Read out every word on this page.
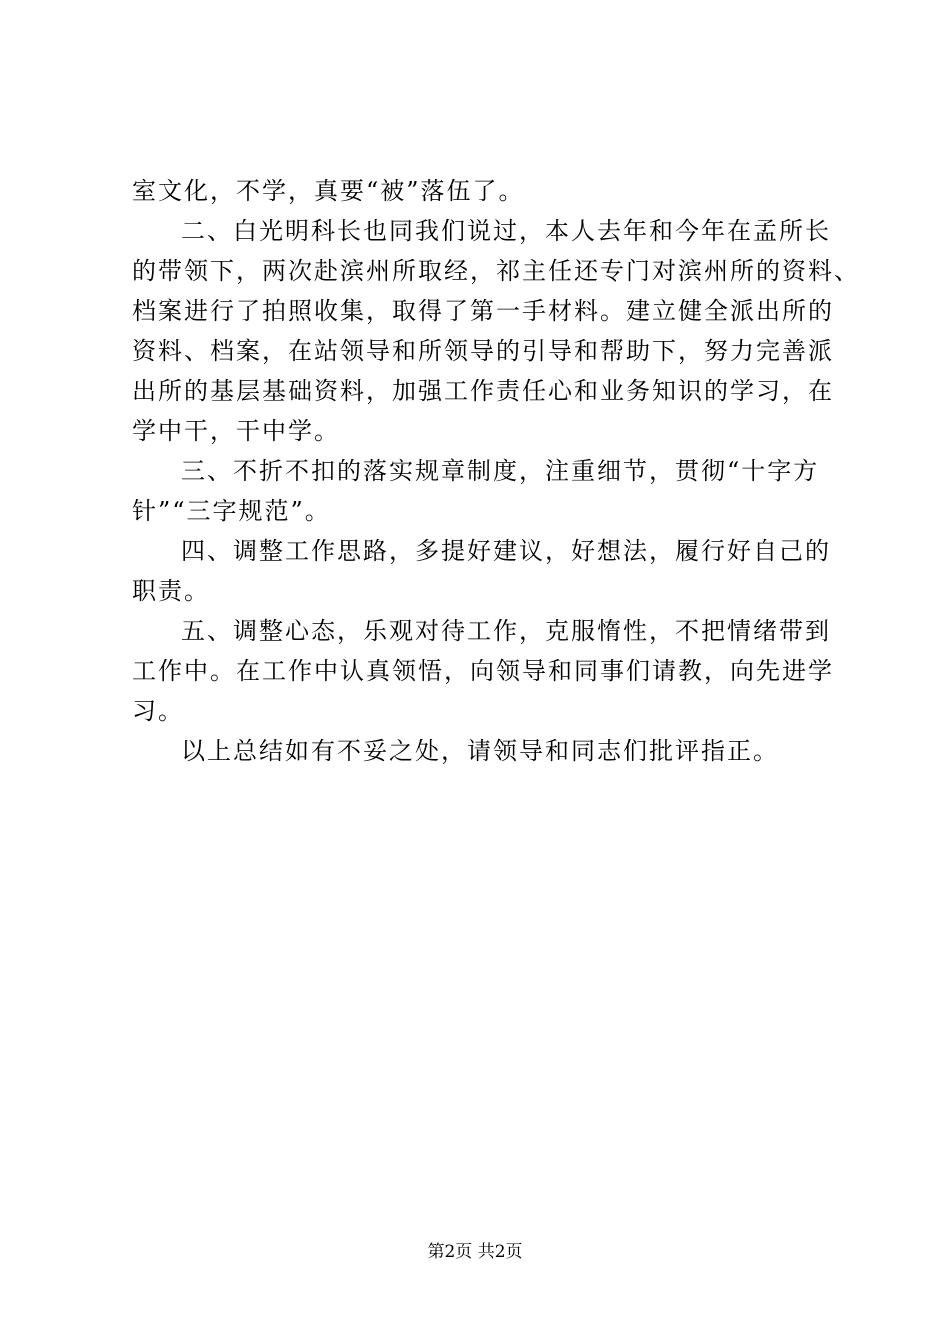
室文化，不学，真要“被”落伍了。
二、白光明科长也同我们说过，本人去年和今年在孟所长
的带领下，两次赴滨州所取经，祁主任还专门对滨州所的资料、
档案进行了拍照收集，取得了第一手材料。建立健全派出所的
资料、档案，在站领导和所领导的引导和帮助下，努力完善派
出所的基层基础资料，加强工作责任心和业务知识的学习，在
学中干，干中学。
三、不折不扣的落实规章制度，注重细节，贯彻“十字方
针”“三字规范”。
四、调整工作思路，多提好建议，好想法，履行好自己的
职责。
五、调整心态，乐观对待工作，克服惰性，不把情绪带到
工作中。在工作中认真领悟，向领导和同事们请教，向先进学
习。
以上总结如有不妥之处，请领导和同志们批评指正。
第2页 共2页
